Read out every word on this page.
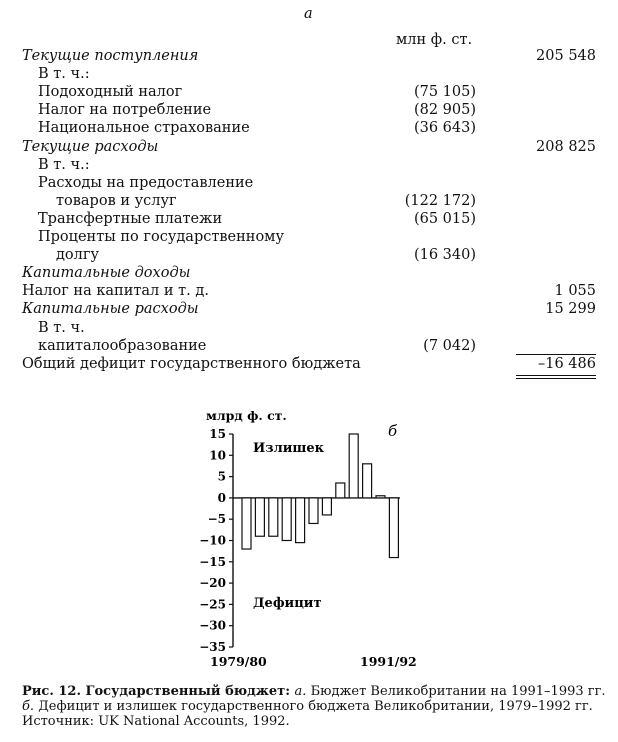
а
млн ф. ст.
Текущие поступления	205 548
В т. ч.:
Подоходный налог	(75 105)
Налог на потребление	(82 905)
Национальное страхование	(36 643)
Текущие расходы	208 825
В т. ч.:
Расходы на предоставление
товаров и услуг	(122 172)
Трансфертные платежи	(65 015)
Проценты по государственному
долгу	(16 340)
Капитальные доходы
Налог на капитал и т. д.	1 055
Капитальные расходы	15 299
В т. ч.
капиталообразование	(7 042)
Общий дефицит государственного бюджета	–16 486
млрд ф. ст.
б
15
10
5
0
−5
−10
−15
−20
−25
−30
−35
Излишек
Дефицит
1979/80	1991/92
Рис. 12. Государственный бюджет: а. Бюджет Великобритании на 1991–1993 гг.
б. Дефицит и излишек государственного бюджета Великобритании, 1979–1992 гг.
Источник: UK National Accounts, 1992.
